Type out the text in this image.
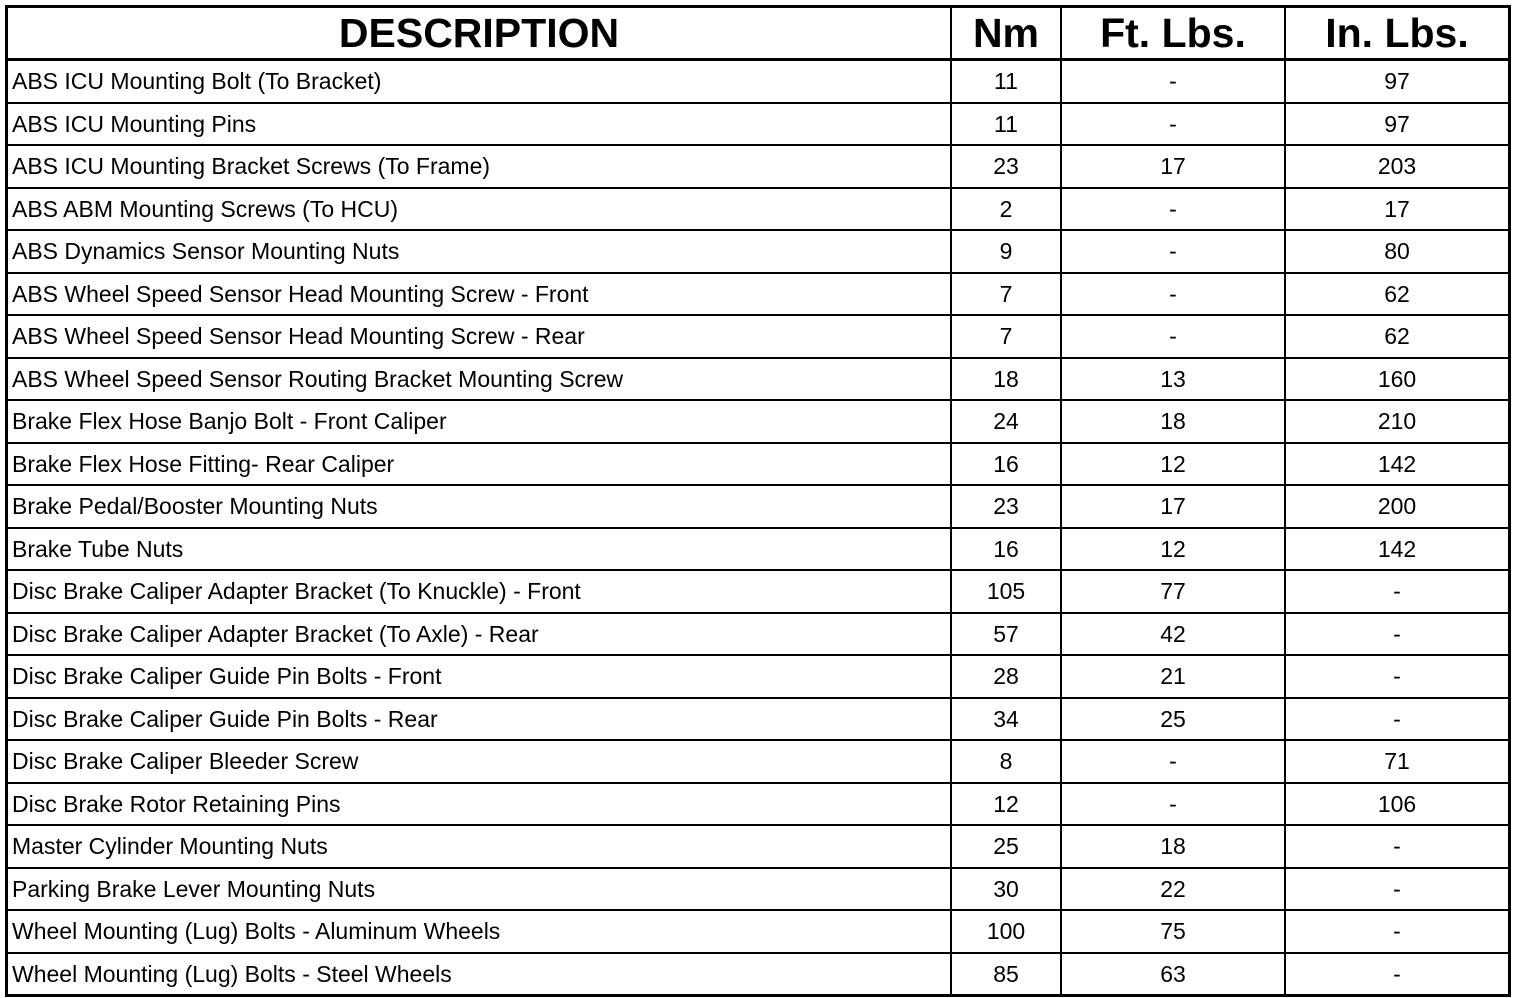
DESCRIPTION	Nm	Ft. Lbs.	In. Lbs.
ABS ICU Mounting Bolt (To Bracket)	11	-	97
ABS ICU Mounting Pins	11	-	97
ABS ICU Mounting Bracket Screws (To Frame)	23	17	203
ABS ABM Mounting Screws (To HCU)	2	-	17
ABS Dynamics Sensor Mounting Nuts	9	-	80
ABS Wheel Speed Sensor Head Mounting Screw - Front	7	-	62
ABS Wheel Speed Sensor Head Mounting Screw - Rear	7	-	62
ABS Wheel Speed Sensor Routing Bracket Mounting Screw	18	13	160
Brake Flex Hose Banjo Bolt - Front Caliper	24	18	210
Brake Flex Hose Fitting- Rear Caliper	16	12	142
Brake Pedal/Booster Mounting Nuts	23	17	200
Brake Tube Nuts	16	12	142
Disc Brake Caliper Adapter Bracket (To Knuckle) - Front	105	77	-
Disc Brake Caliper Adapter Bracket (To Axle) - Rear	57	42	-
Disc Brake Caliper Guide Pin Bolts - Front	28	21	-
Disc Brake Caliper Guide Pin Bolts - Rear	34	25	-
Disc Brake Caliper Bleeder Screw	8	-	71
Disc Brake Rotor Retaining Pins	12	-	106
Master Cylinder Mounting Nuts	25	18	-
Parking Brake Lever Mounting Nuts	30	22	-
Wheel Mounting (Lug) Bolts - Aluminum Wheels	100	75	-
Wheel Mounting (Lug) Bolts - Steel Wheels	85	63	-
